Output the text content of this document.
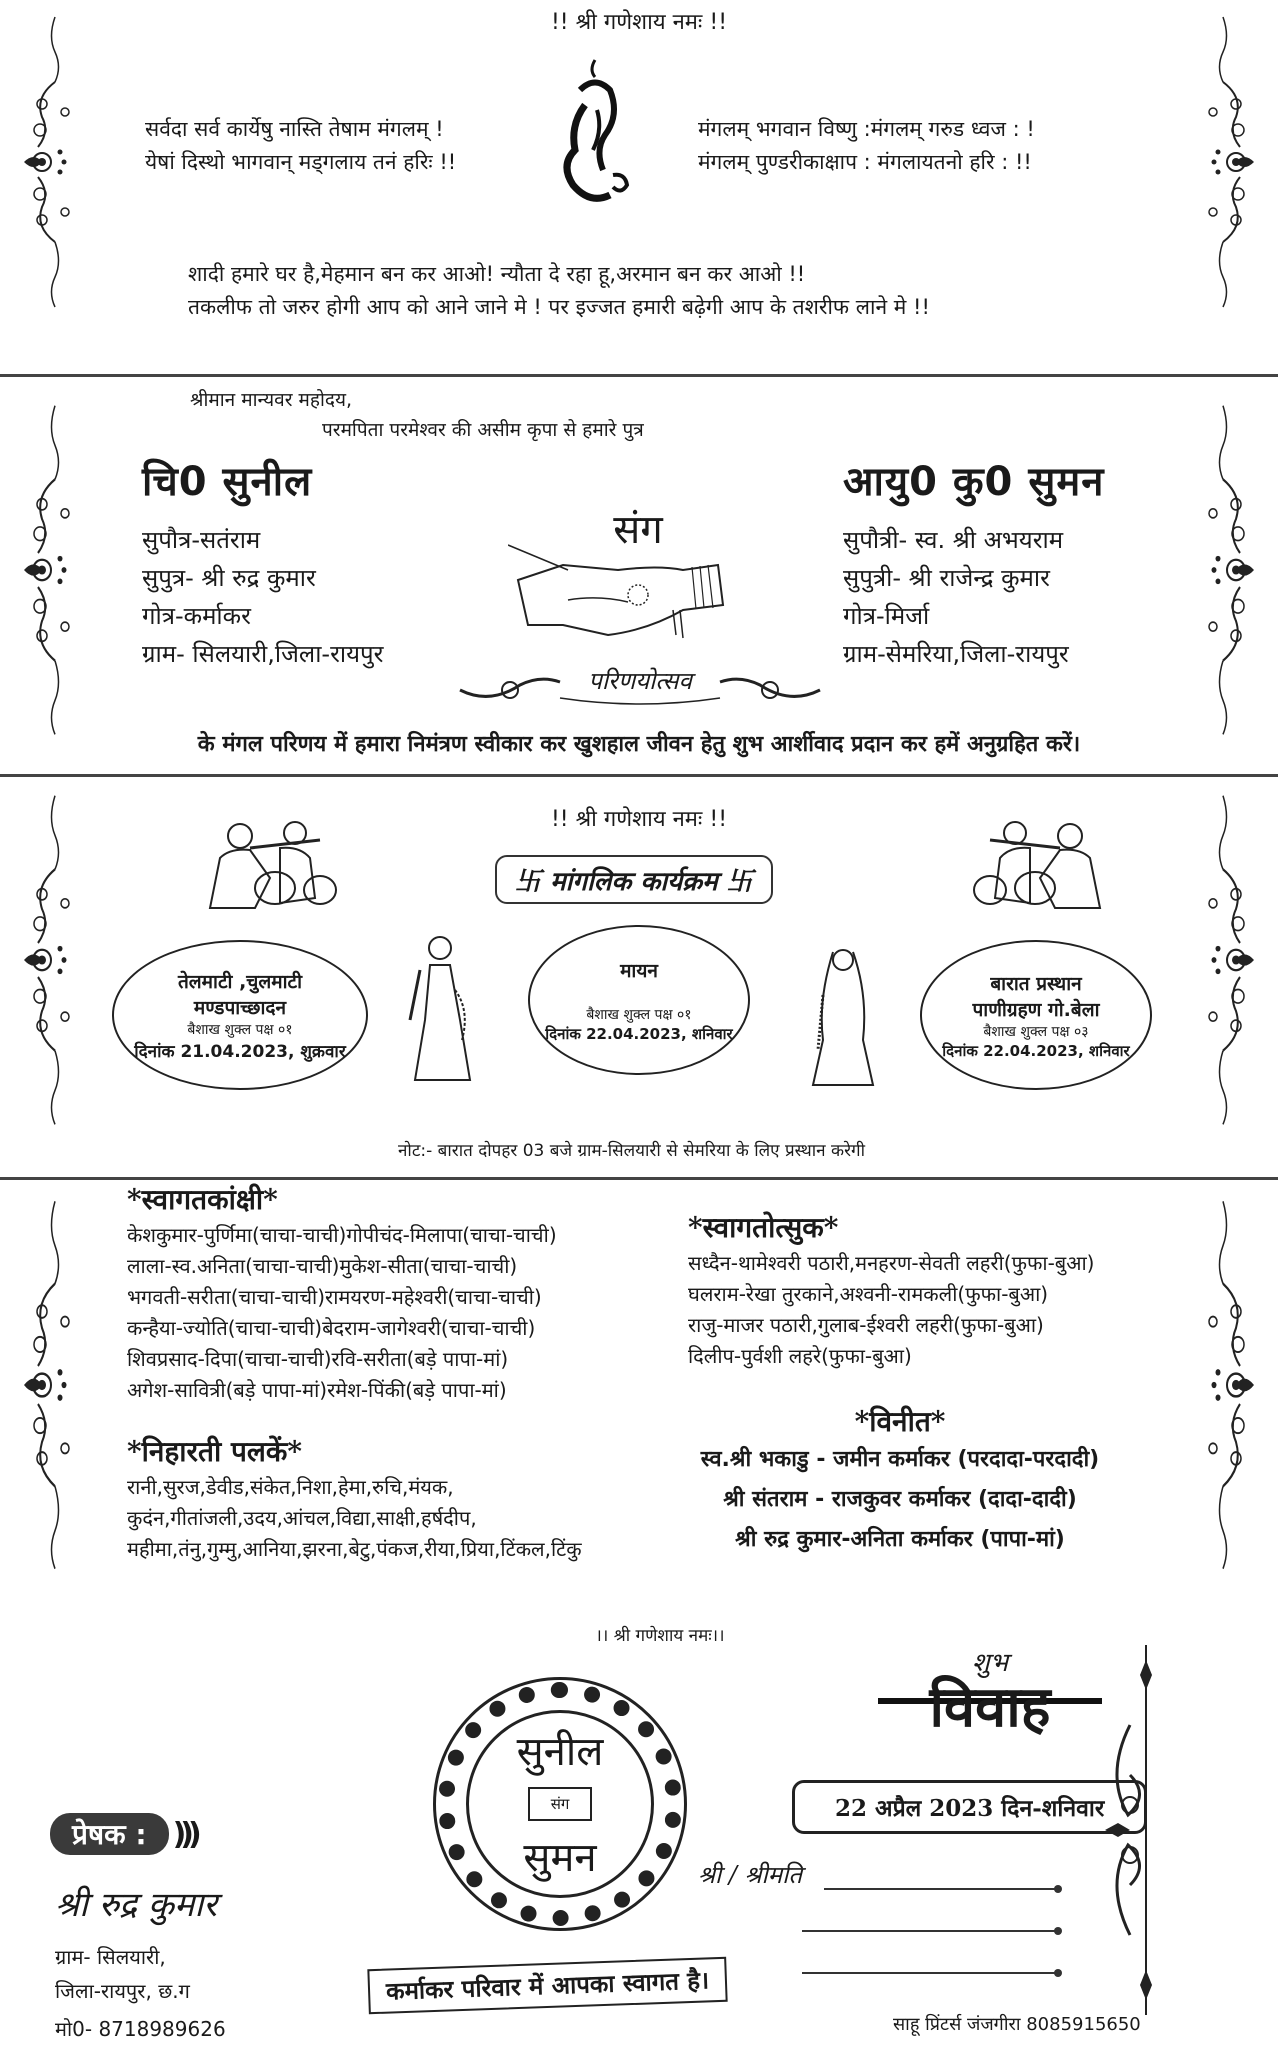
!! श्री गणेशाय नमः !!
सर्वदा सर्व कार्येषु नास्ति तेषाम मंगलम् !
येषां दिस्थो भागवान् मड्गलाय तनं हरिः !!
मंगलम् भगवान विष्णु :मंगलम् गरुड ध्वज : !
मंगलम् पुण्डरीकाक्षाप : मंगलायतनो हरि : !!
शादी हमारे घर है,मेहमान बन कर आओ! न्यौता दे रहा हू,अरमान बन कर आओ !!
तकलीफ तो जरुर होगी आप को आने जाने मे ! पर इज्जत हमारी बढ़ेगी आप के तशरीफ लाने मे !!
श्रीमान मान्यवर महोदय,
परमपिता परमेश्वर की असीम कृपा से हमारे पुत्र
चि0 सुनील
सुपौत्र-सतंराम
सुपुत्र- श्री रुद्र कुमार
गोत्र-कर्माकर
ग्राम- सिलयारी,जिला-रायपुर
संग
परिणयोत्सव
आयु0 कु0 सुमन
सुपौत्री- स्व. श्री अभयराम
सुपुत्री- श्री राजेन्द्र कुमार
गोत्र-मिर्जा
ग्राम-सेमरिया,जिला-रायपुर
के मंगल परिणय में हमारा निमंत्रण स्वीकार कर खुशहाल जीवन हेतु शुभ आर्शीवाद प्रदान कर हमें अनुग्रहित करें।
!! श्री गणेशाय नमः !!
卐 मांगलिक कार्यक्रम 卐
तेलमाटी ,चुलमाटी
मण्डपाच्छादन
बैशाख शुक्ल पक्ष ०१
दिनांक 21.04.2023, शुक्रवार
मायन
बैशाख शुक्ल पक्ष ०१
दिनांक 22.04.2023, शनिवार
बारात प्रस्थान
पाणीग्रहण गो.बेला
बैशाख शुक्ल पक्ष ०३
दिनांक 22.04.2023, शनिवार
नोट:- बारात दोपहर 03 बजे ग्राम-सिलयारी से सेमरिया के लिए प्रस्थान करेगी
*स्वागतकांक्षी*
केशकुमार-पुर्णिमा(चाचा-चाची)गोपीचंद-मिलापा(चाचा-चाची)
लाला-स्व.अनिता(चाचा-चाची)मुकेश-सीता(चाचा-चाची)
भगवती-सरीता(चाचा-चाची)रामयरण-महेश्वरी(चाचा-चाची)
कन्हैया-ज्योति(चाचा-चाची)बेदराम-जागेश्वरी(चाचा-चाची)
शिवप्रसाद-दिपा(चाचा-चाची)रवि-सरीता(बड़े पापा-मां)
अगेश-सावित्री(बड़े पापा-मां)रमेश-पिंकी(बड़े पापा-मां)
*निहारती पलकें*
रानी,सुरज,डेवीड,संकेत,निशा,हेमा,रुचि,मंयक,
कुदंन,गीतांजली,उदय,आंचल,विद्या,साक्षी,हर्षदीप,
महीमा,तंनु,गुम्मु,आनिया,झरना,बेटु,पंकज,रीया,प्रिया,टिंकल,टिंकु
*स्वागतोत्सुक*
सध्दैन-थामेश्वरी पठारी,मनहरण-सेवती लहरी(फुफा-बुआ)
घलराम-रेखा तुरकाने,अश्वनी-रामकली(फुफा-बुआ)
राजु-माजर पठारी,गुलाब-ईश्वरी लहरी(फुफा-बुआ)
दिलीप-पुर्वशी लहरे(फुफा-बुआ)
*विनीत*
स्व.श्री भकाडु - जमीन कर्माकर (परदादा-परदादी)
श्री संतराम - राजकुवर कर्माकर (दादा-दादी)
श्री रुद्र कुमार-अनिता कर्माकर (पापा-मां)
।। श्री गणेशाय नमः।।
प्रेषक : )))
श्री रुद्र कुमार
ग्राम- सिलयारी,
जिला-रायपुर, छ.ग
मो0- 8718989626
सुनील
संग
सुमन
कर्माकर परिवार में आपका स्वागत है।
शुभ
विवाह
22 अप्रैल 2023 दिन-शनिवार
श्री / श्रीमति
साहू प्रिंटर्स जंजगीरा 8085915650
